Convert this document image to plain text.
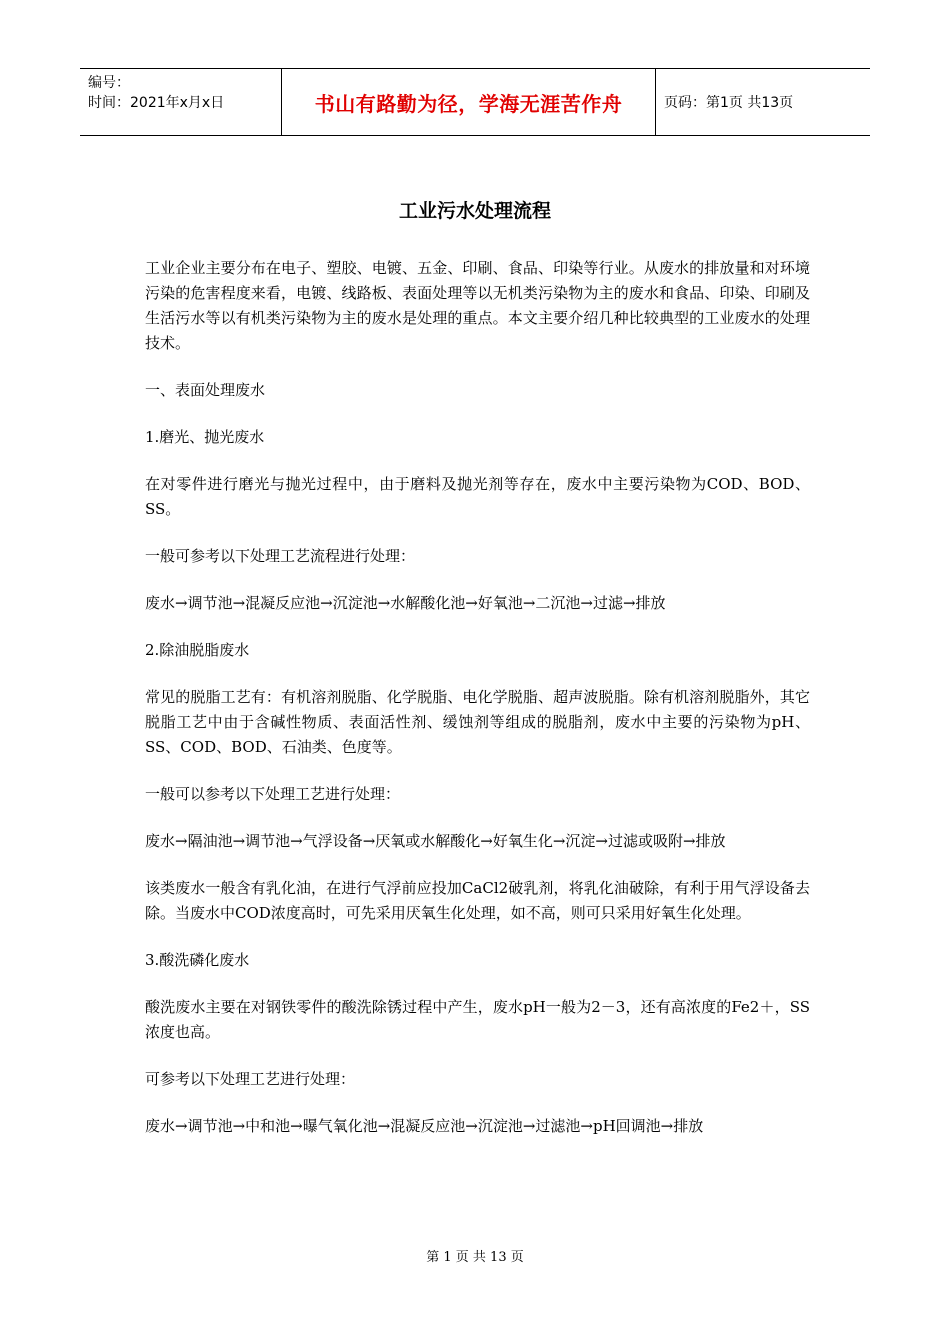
编号：
时间：2021年x月x日	书山有路勤为径，学海无涯苦作舟	页码：第1页 共13页
工业污水处理流程

工业企业主要分布在电子、塑胶、电镀、五金、印刷、食品、印染等行业。从废水的排放量和对环境污染的危害程度来看，电镀、线路板、表面处理等以无机类污染物为主的废水和食品、印染、印刷及生活污水等以有机类污染物为主的废水是处理的重点。本文主要介绍几种比较典型的工业废水的处理技术。

一、表面处理废水

1.磨光、抛光废水

在对零件进行磨光与抛光过程中，由于磨料及抛光剂等存在，废水中主要污染物为COD、BOD、SS。

一般可参考以下处理工艺流程进行处理：

废水→调节池→混凝反应池→沉淀池→水解酸化池→好氧池→二沉池→过滤→排放

2.除油脱脂废水

常见的脱脂工艺有：有机溶剂脱脂、化学脱脂、电化学脱脂、超声波脱脂。除有机溶剂脱脂外，其它脱脂工艺中由于含碱性物质、表面活性剂、缓蚀剂等组成的脱脂剂，废水中主要的污染物为pH、SS、COD、BOD、石油类、色度等。

一般可以参考以下处理工艺进行处理：

废水→隔油池→调节池→气浮设备→厌氧或水解酸化→好氧生化→沉淀→过滤或吸附→排放

该类废水一般含有乳化油，在进行气浮前应投加CaCl2破乳剂，将乳化油破除，有利于用气浮设备去除。当废水中COD浓度高时，可先采用厌氧生化处理，如不高，则可只采用好氧生化处理。

3.酸洗磷化废水

酸洗废水主要在对钢铁零件的酸洗除锈过程中产生，废水pH一般为2－3，还有高浓度的Fe2＋，SS浓度也高。

可参考以下处理工艺进行处理：

废水→调节池→中和池→曝气氧化池→混凝反应池→沉淀池→过滤池→pH回调池→排放

第 1 页 共 13 页
